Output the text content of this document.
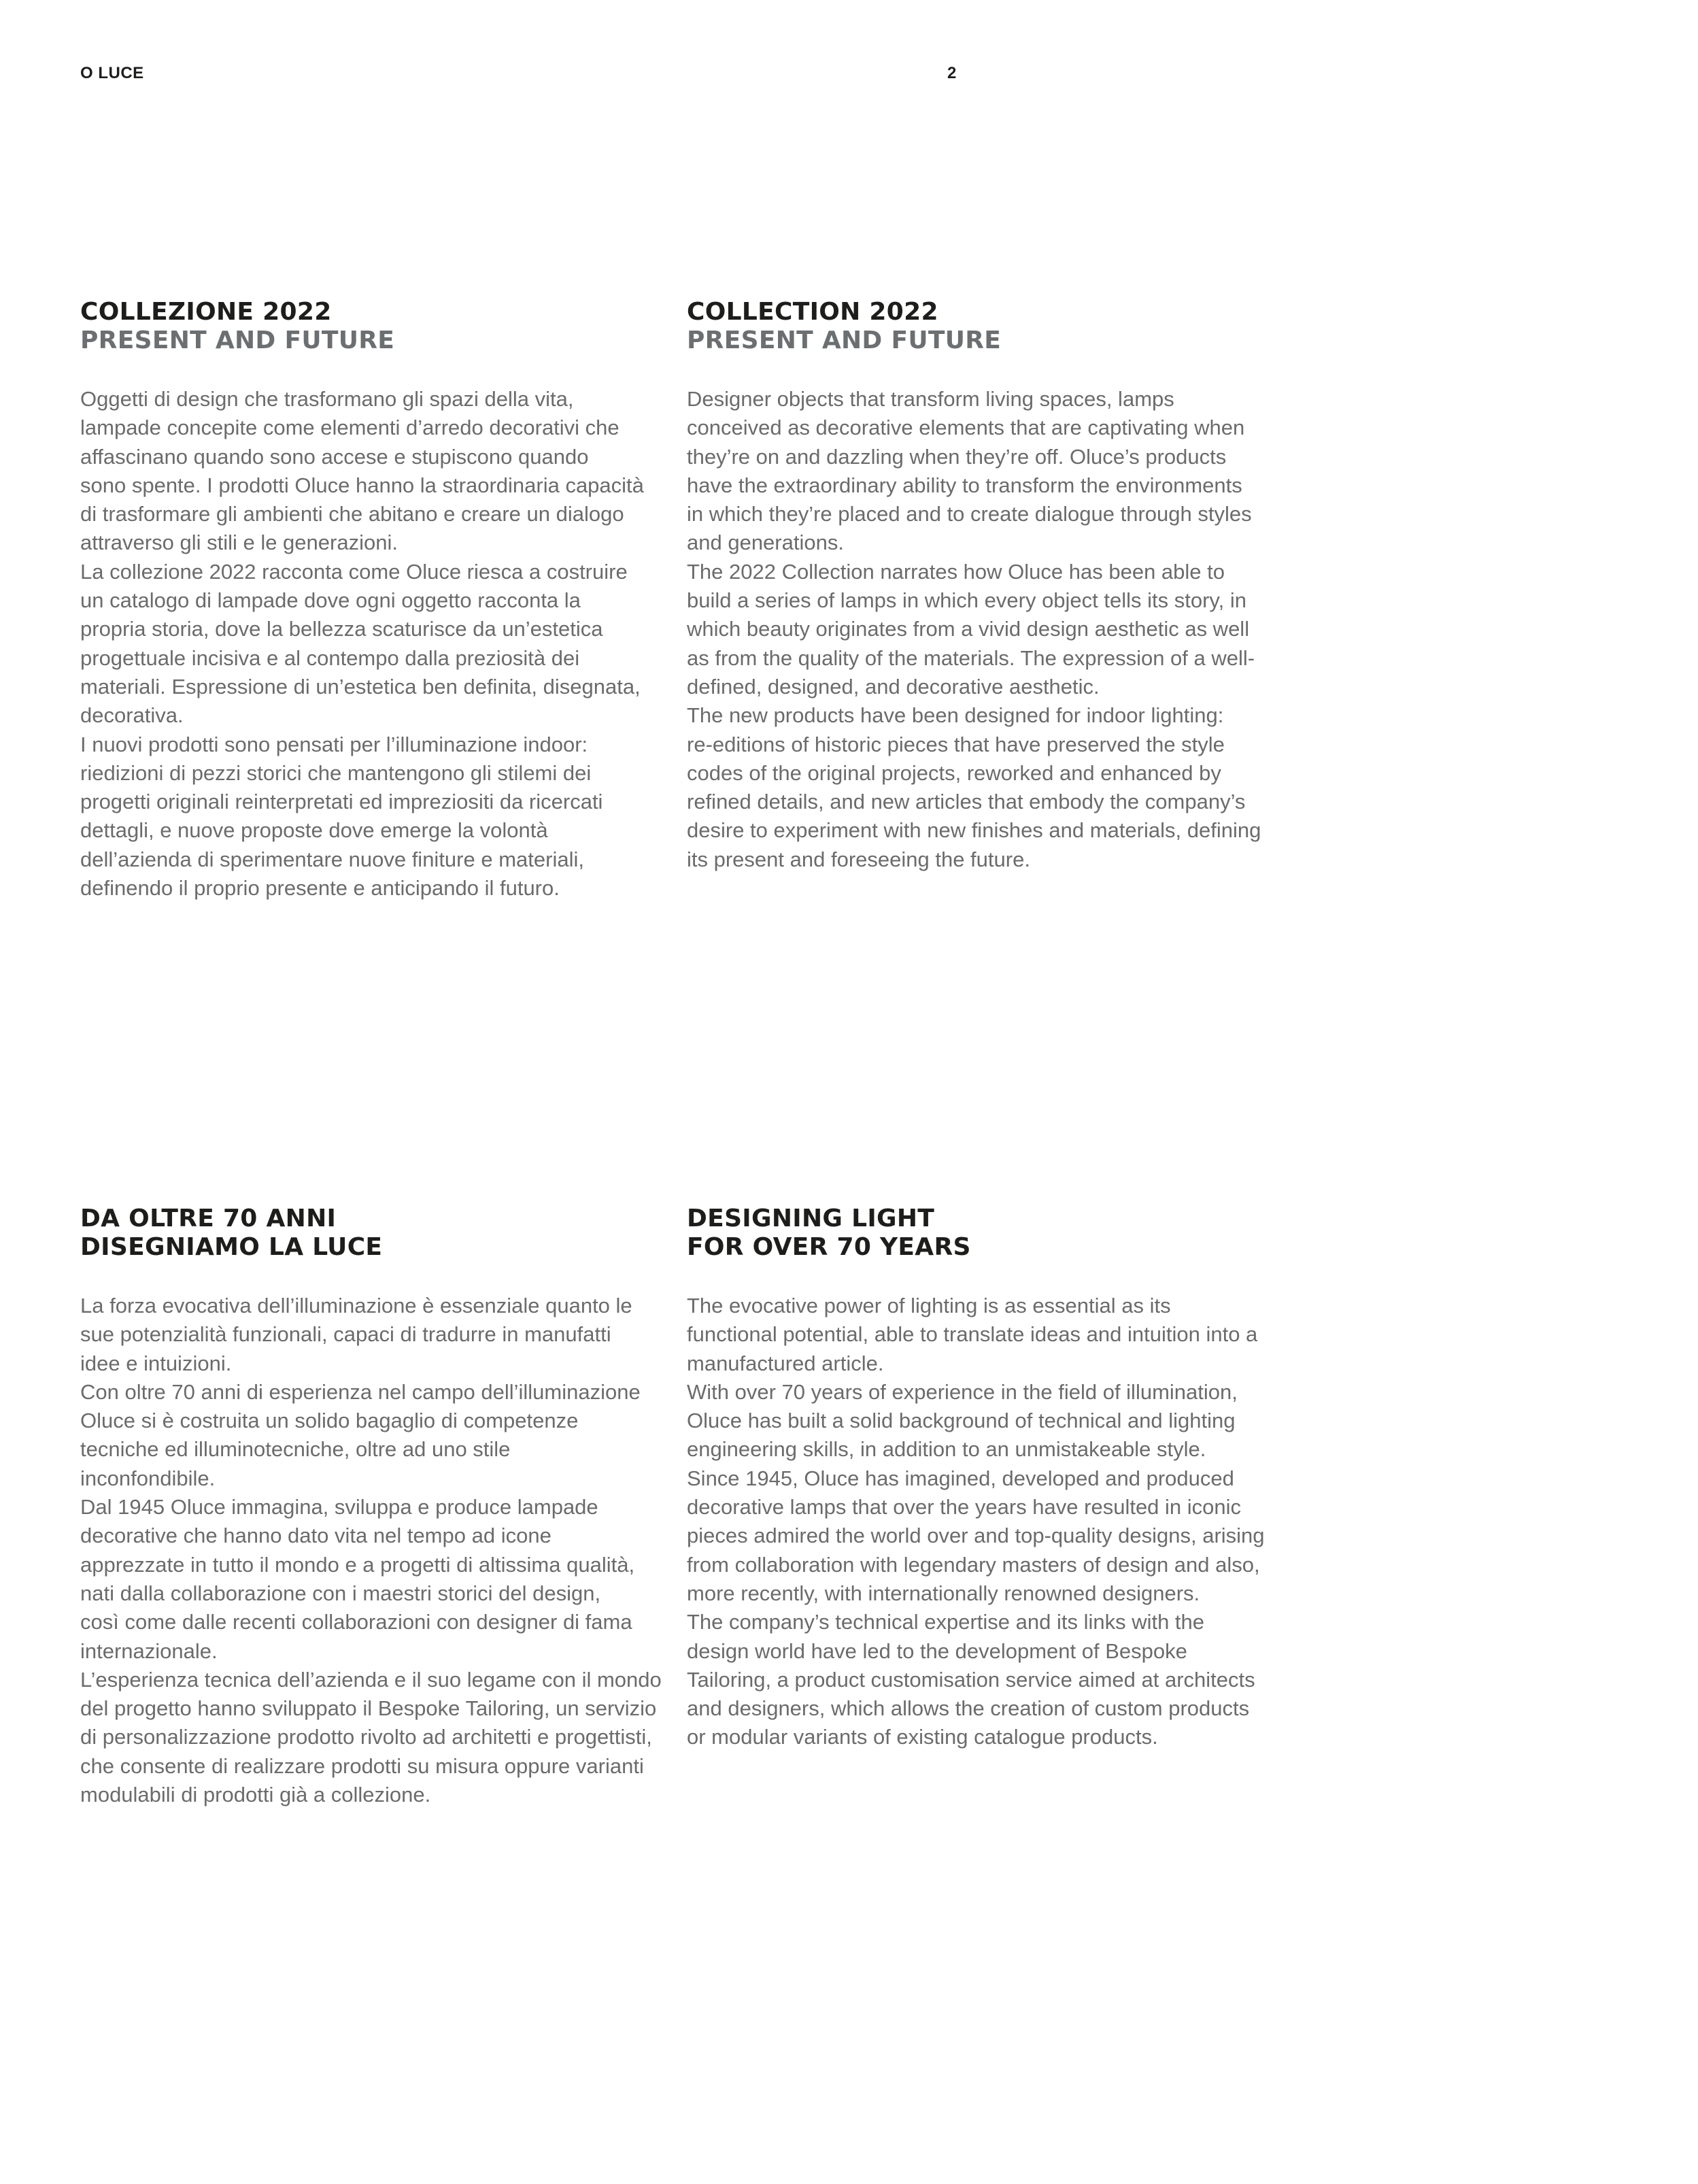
O LUCE	2
COLLEZIONE 2022
PRESENT AND FUTURE

Oggetti di design che trasformano gli spazi della vita,
lampade concepite come elementi d’arredo decorativi che
affascinano quando sono accese e stupiscono quando
sono spente. I prodotti Oluce hanno la straordinaria capacità
di trasformare gli ambienti che abitano e creare un dialogo
attraverso gli stili e le generazioni.

La collezione 2022 racconta come Oluce riesca a costruire
un catalogo di lampade dove ogni oggetto racconta la
propria storia, dove la bellezza scaturisce da un’estetica
progettuale incisiva e al contempo dalla preziosità dei
materiali. Espressione di un’estetica ben definita, disegnata,
decorativa.

I nuovi prodotti sono pensati per l’illuminazione indoor:
riedizioni di pezzi storici che mantengono gli stilemi dei
progetti originali reinterpretati ed impreziositi da ricercati
dettagli, e nuove proposte dove emerge la volontà
dell’azienda di sperimentare nuove finiture e materiali,
definendo il proprio presente e anticipando il futuro.

COLLECTION 2022
PRESENT AND FUTURE

Designer objects that transform living spaces, lamps
conceived as decorative elements that are captivating when
they’re on and dazzling when they’re off. Oluce’s products
have the extraordinary ability to transform the environments
in which they’re placed and to create dialogue through styles
and generations.

The 2022 Collection narrates how Oluce has been able to
build a series of lamps in which every object tells its story, in
which beauty originates from a vivid design aesthetic as well
as from the quality of the materials. The expression of a well-
defined, designed, and decorative aesthetic.

The new products have been designed for indoor lighting:
re-editions of historic pieces that have preserved the style
codes of the original projects, reworked and enhanced by
refined details, and new articles that embody the company’s
desire to experiment with new finishes and materials, defining
its present and foreseeing the future.

DA OLTRE 70 ANNI
DISEGNIAMO LA LUCE

La forza evocativa dell’illuminazione è essenziale quanto le
sue potenzialità funzionali, capaci di tradurre in manufatti
idee e intuizioni.

Con oltre 70 anni di esperienza nel campo dell’illuminazione
Oluce si è costruita un solido bagaglio di competenze
tecniche ed illuminotecniche, oltre ad uno stile
inconfondibile.

Dal 1945 Oluce immagina, sviluppa e produce lampade
decorative che hanno dato vita nel tempo ad icone
apprezzate in tutto il mondo e a progetti di altissima qualità,
nati dalla collaborazione con i maestri storici del design,
così come dalle recenti collaborazioni con designer di fama
internazionale.

L’esperienza tecnica dell’azienda e il suo legame con il mondo
del progetto hanno sviluppato il Bespoke Tailoring, un servizio
di personalizzazione prodotto rivolto ad architetti e progettisti,
che consente di realizzare prodotti su misura oppure varianti
modulabili di prodotti già a collezione.

DESIGNING LIGHT
FOR OVER 70 YEARS

The evocative power of lighting is as essential as its
functional potential, able to translate ideas and intuition into a
manufactured article.

With over 70 years of experience in the field of illumination,
Oluce has built a solid background of technical and lighting
engineering skills, in addition to an unmistakeable style.

Since 1945, Oluce has imagined, developed and produced
decorative lamps that over the years have resulted in iconic
pieces admired the world over and top-quality designs, arising
from collaboration with legendary masters of design and also,
more recently, with internationally renowned designers.

The company’s technical expertise and its links with the
design world have led to the development of Bespoke
Tailoring, a product customisation service aimed at architects
and designers, which allows the creation of custom products
or modular variants of existing catalogue products.
